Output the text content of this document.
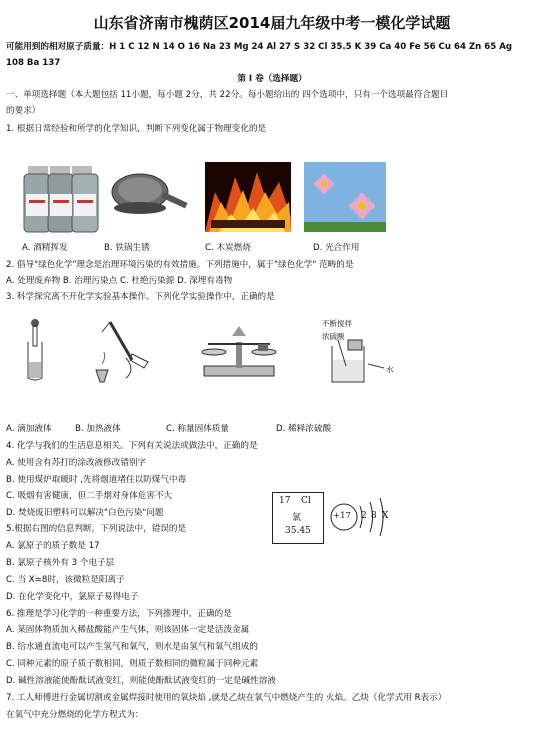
山东省济南市槐荫区2014届九年级中考一模化学试题
可能用到的相对原子质量：H 1 C 12 N 14 O 16 Na 23 Mg 24 Al 27 S 32 Cl 35.5 K 39 Ca 40 Fe 56 Cu 64 Zn 65 Ag
108 Ba 137
第 I 卷（选择题）
一、单项选择题（本大题包括 11小题，每小题 2分，共 22分。每小题给出的 四个选项中，只有一个选项最符合题目
的要求）
1. 根据日常经验和所学的化学知识，判断下列变化属于物理变化的是
A. 酒精挥发	B. 铁锅生锈	C. 木炭燃烧	D. 光合作用
2. 倡导"绿色化学"理念是治理环境污染的有效措施。下列措施中，属于"绿色化学" 范畴的是
A. 处理废弃物 B. 治理污染点 C. 杜绝污染源 D. 深埋有毒物
3. 科学探究离不开化学实验基本操作。下列化学实验操作中，正确的是
不断搅拌
浓硫酸
水
A. 滴加液体	B. 加热液体	C. 称量固体质量	D. 稀释浓硫酸
4. 化学与我们的生活息息相关。下列有关说法或做法中，正确的是
A. 使用含有苏打的涂改液修改错别字
B. 使用煤炉取暖时 ,先将烟道堵住以防煤气中毒
C. 吸烟有害健康，但二手烟对身体危害不大
D. 焚烧废旧塑料可以解决"白色污染"问题
5.根据右图的信息判断，下列说法中，错误的是
A. 氯原子的质子数是 17
B. 氯原子核外有 3 个电子层
C. 当 X=8时，该微粒是阳离子
D. 在化学变化中，氯原子易得电子
17 Cl
氯
35.45
+17 2 8 X
6. 推理是学习化学的一种重要方法，下列推理中，正确的是
A. 某固体物质加入稀盐酸能产生气体，则该固体一定是活泼金属
B. 给水通直流电可以产生氢气和氧气，则水是由氢气和氧气组成的
C. 同种元素的原子质子数相同，则质子数相同的微粒属于同种元素
D. 碱性溶液能使酚酞试液变红，则能使酚酞试液变红的一定是碱性溶液
7. 工人师傅进行金属切割或金属焊接时使用的氧炔焰 ,就是乙炔在氧气中燃烧产生的 火焰。乙炔（化学式用 R表示）
在氧气中充分燃烧的化学方程式为：
